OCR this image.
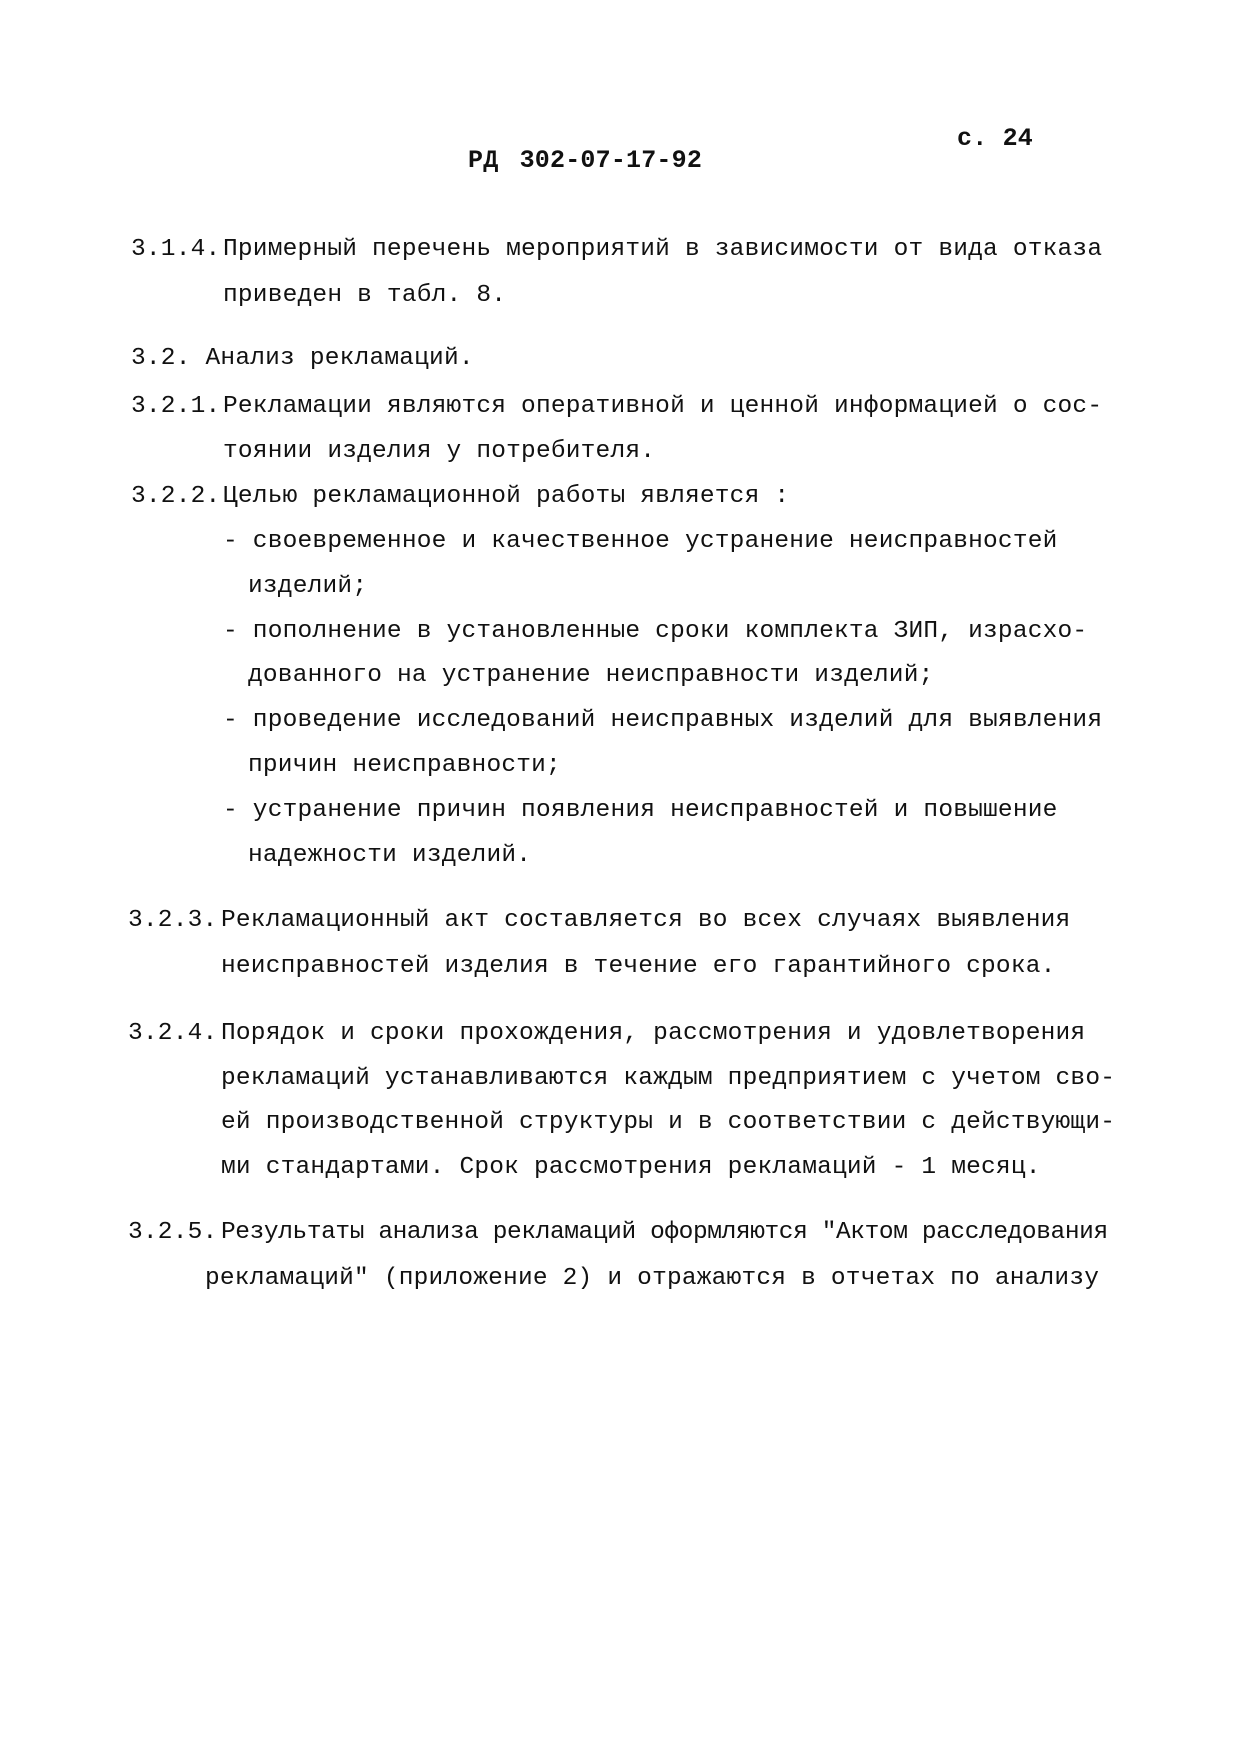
с. 24
РД 302-07-17-92
3.1.4. Примерный перечень мероприятий в зависимости от вида отказа
приведен в табл. 8.
3.2. Анализ рекламаций.
3.2.1. Рекламации являются оперативной и ценной информацией о сос-
тоянии изделия у потребителя.
3.2.2. Целью рекламационной работы является :
- своевременное и качественное устранение неисправностей
изделий;
- пополнение в установленные сроки комплекта ЗИП, израсхо-
дованного на устранение неисправности изделий;
- проведение исследований неисправных изделий для выявления
причин неисправности;
- устранение причин появления неисправностей и повышение
надежности изделий.
3.2.3. Рекламационный акт составляется во всех случаях выявления
неисправностей изделия в течение его гарантийного срока.
3.2.4. Порядок и сроки прохождения, рассмотрения и удовлетворения
рекламаций устанавливаются каждым предприятием с учетом сво-
ей производственной структуры и в соответствии с действующи-
ми стандартами. Срок рассмотрения рекламаций - 1 месяц.
3.2.5. Результаты анализа рекламаций оформляются "Актом расследования
рекламаций" (приложение 2) и отражаются в отчетах по анализу
